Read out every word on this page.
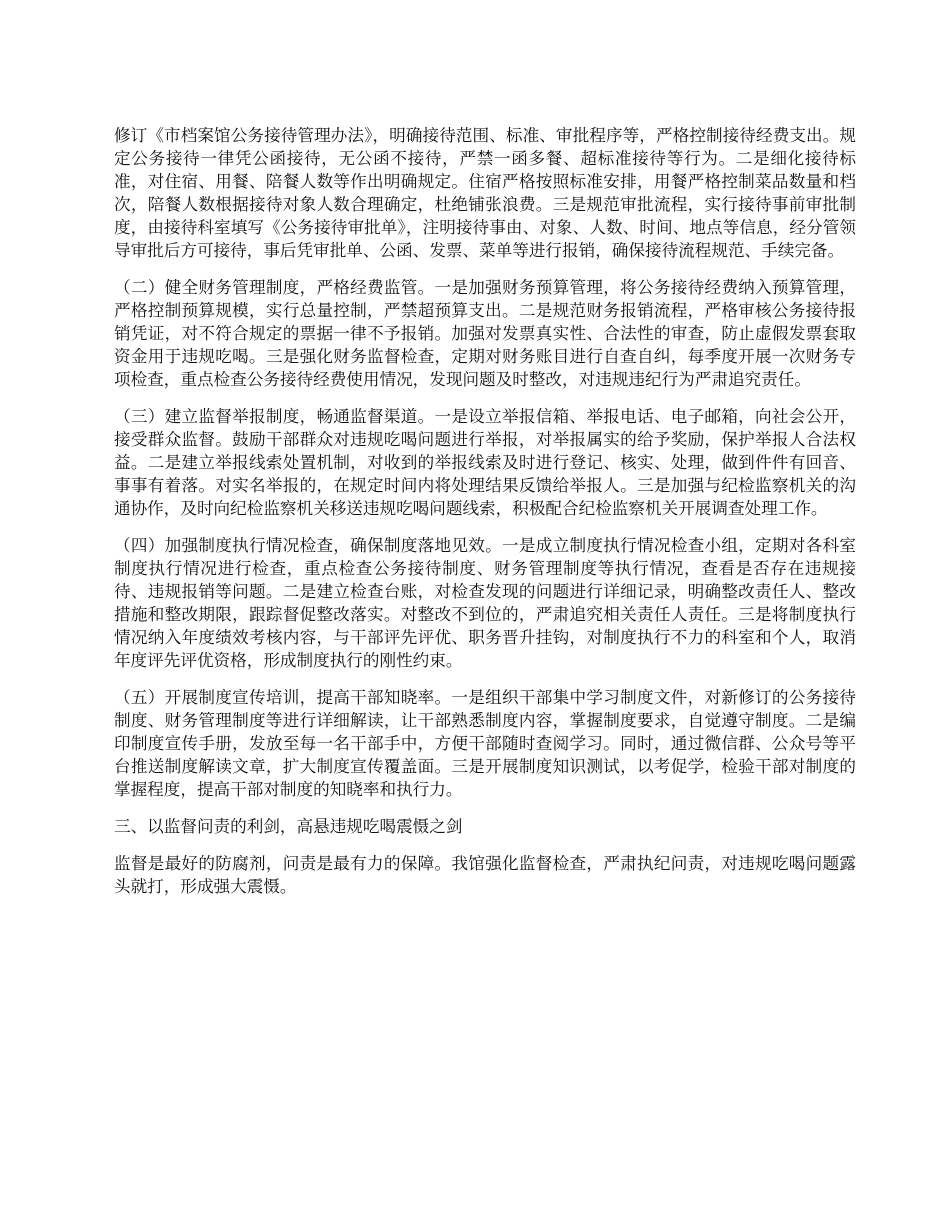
修订《市档案馆公务接待管理办法》，明确接待范围、标准、审批程序等，严格控制接待经费支出。规定公务接待一律凭公函接待，无公函不接待，严禁一函多餐、超标准接待等行为。二是细化接待标准，对住宿、用餐、陪餐人数等作出明确规定。住宿严格按照标准安排，用餐严格控制菜品数量和档次，陪餐人数根据接待对象人数合理确定，杜绝铺张浪费。三是规范审批流程，实行接待事前审批制度，由接待科室填写《公务接待审批单》，注明接待事由、对象、人数、时间、地点等信息，经分管领导审批后方可接待，事后凭审批单、公函、发票、菜单等进行报销，确保接待流程规范、手续完备。

（二）健全财务管理制度，严格经费监管。一是加强财务预算管理，将公务接待经费纳入预算管理，严格控制预算规模，实行总量控制，严禁超预算支出。二是规范财务报销流程，严格审核公务接待报销凭证，对不符合规定的票据一律不予报销。加强对发票真实性、合法性的审查，防止虚假发票套取资金用于违规吃喝。三是强化财务监督检查，定期对财务账目进行自查自纠，每季度开展一次财务专项检查，重点检查公务接待经费使用情况，发现问题及时整改，对违规违纪行为严肃追究责任。

（三）建立监督举报制度，畅通监督渠道。一是设立举报信箱、举报电话、电子邮箱，向社会公开，接受群众监督。鼓励干部群众对违规吃喝问题进行举报，对举报属实的给予奖励，保护举报人合法权益。二是建立举报线索处置机制，对收到的举报线索及时进行登记、核实、处理，做到件件有回音、事事有着落。对实名举报的，在规定时间内将处理结果反馈给举报人。三是加强与纪检监察机关的沟通协作，及时向纪检监察机关移送违规吃喝问题线索，积极配合纪检监察机关开展调查处理工作。

（四）加强制度执行情况检查，确保制度落地见效。一是成立制度执行情况检查小组，定期对各科室制度执行情况进行检查，重点检查公务接待制度、财务管理制度等执行情况，查看是否存在违规接待、违规报销等问题。二是建立检查台账，对检查发现的问题进行详细记录，明确整改责任人、整改措施和整改期限，跟踪督促整改落实。对整改不到位的，严肃追究相关责任人责任。三是将制度执行情况纳入年度绩效考核内容，与干部评先评优、职务晋升挂钩，对制度执行不力的科室和个人，取消年度评先评优资格，形成制度执行的刚性约束。

（五）开展制度宣传培训，提高干部知晓率。一是组织干部集中学习制度文件，对新修订的公务接待制度、财务管理制度等进行详细解读，让干部熟悉制度内容，掌握制度要求，自觉遵守制度。二是编印制度宣传手册，发放至每一名干部手中，方便干部随时查阅学习。同时，通过微信群、公众号等平台推送制度解读文章，扩大制度宣传覆盖面。三是开展制度知识测试，以考促学，检验干部对制度的掌握程度，提高干部对制度的知晓率和执行力。

三、以监督问责的利剑，高悬违规吃喝震慑之剑

监督是最好的防腐剂，问责是最有力的保障。我馆强化监督检查，严肃执纪问责，对违规吃喝问题露头就打，形成强大震慑。
